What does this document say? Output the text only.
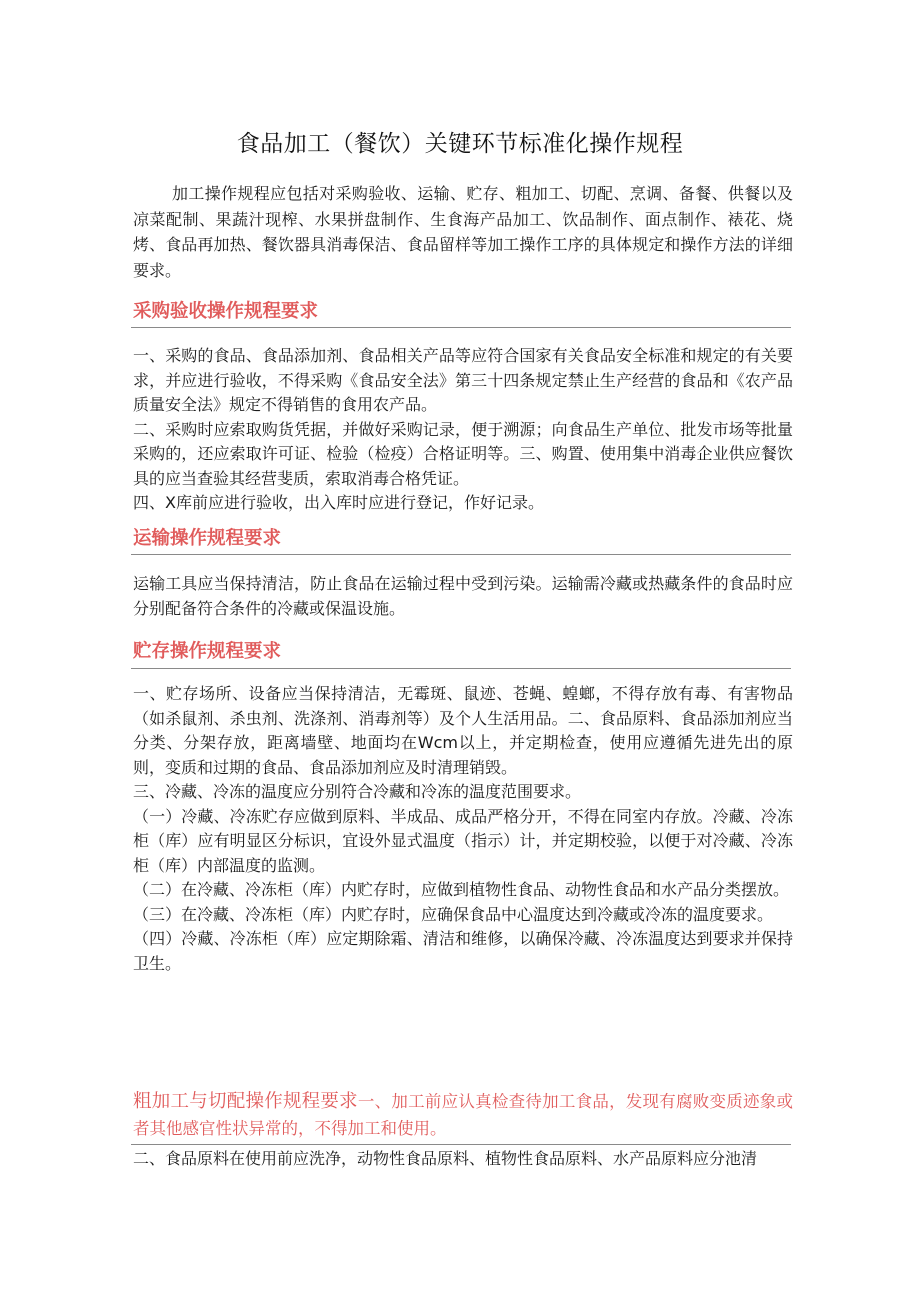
食品加工（餐饮）关键环节标准化操作规程

加工操作规程应包括对采购验收、运输、贮存、粗加工、切配、烹调、备餐、供餐以及凉菜配制、果蔬汁现榨、水果拼盘制作、生食海产品加工、饮品制作、面点制作、裱花、烧烤、食品再加热、餐饮器具消毒保洁、食品留样等加工操作工序的具体规定和操作方法的详细要求。

采购验收操作规程要求

一、采购的食品、食品添加剂、食品相关产品等应符合国家有关食品安全标准和规定的有关要求，并应进行验收，不得采购《食品安全法》第三十四条规定禁止生产经营的食品和《农产品质量安全法》规定不得销售的食用农产品。

二、采购时应索取购货凭据，并做好采购记录，便于溯源；向食品生产单位、批发市场等批量采购的，还应索取许可证、检验（检疫）合格证明等。三、购置、使用集中消毒企业供应餐饮具的应当查验其经营斐质，索取消毒合格凭证。

四、X库前应进行验收，出入库时应进行登记，作好记录。

运输操作规程要求

运输工具应当保持清洁，防止食品在运输过程中受到污染。运输需冷藏或热藏条件的食品时应分别配备符合条件的冷藏或保温设施。

贮存操作规程要求

一、贮存场所、设备应当保持清洁，无霉斑、鼠迹、苍蝇、蝗螂，不得存放有毒、有害物品（如杀鼠剂、杀虫剂、洗涤剂、消毒剂等）及个人生活用品。二、食品原料、食品添加剂应当分类、分架存放，距离墙壁、地面均在Wcm以上，并定期检查，使用应遵循先进先出的原则，变质和过期的食品、食品添加剂应及时清理销毁。

三、冷藏、冷冻的温度应分别符合冷藏和冷冻的温度范围要求。

（一）冷藏、冷冻贮存应做到原料、半成品、成品严格分开，不得在同室内存放。冷藏、冷冻柜（库）应有明显区分标识，宜设外显式温度（指示）计，并定期校验，以便于对冷藏、冷冻柜（库）内部温度的监测。

（二）在冷藏、冷冻柜（库）内贮存时，应做到植物性食品、动物性食品和水产品分类摆放。

（三）在冷藏、冷冻柜（库）内贮存时，应确保食品中心温度达到冷藏或冷冻的温度要求。

（四）冷藏、冷冻柜（库）应定期除霜、清洁和维修，以确保冷藏、冷冻温度达到要求并保持卫生。

粗加工与切配操作规程要求一、加工前应认真检查待加工食品，发现有腐败变质迹象或者其他感官性状异常的，不得加工和使用。

二、食品原料在使用前应洗净，动物性食品原料、植物性食品原料、水产品原料应分池清
